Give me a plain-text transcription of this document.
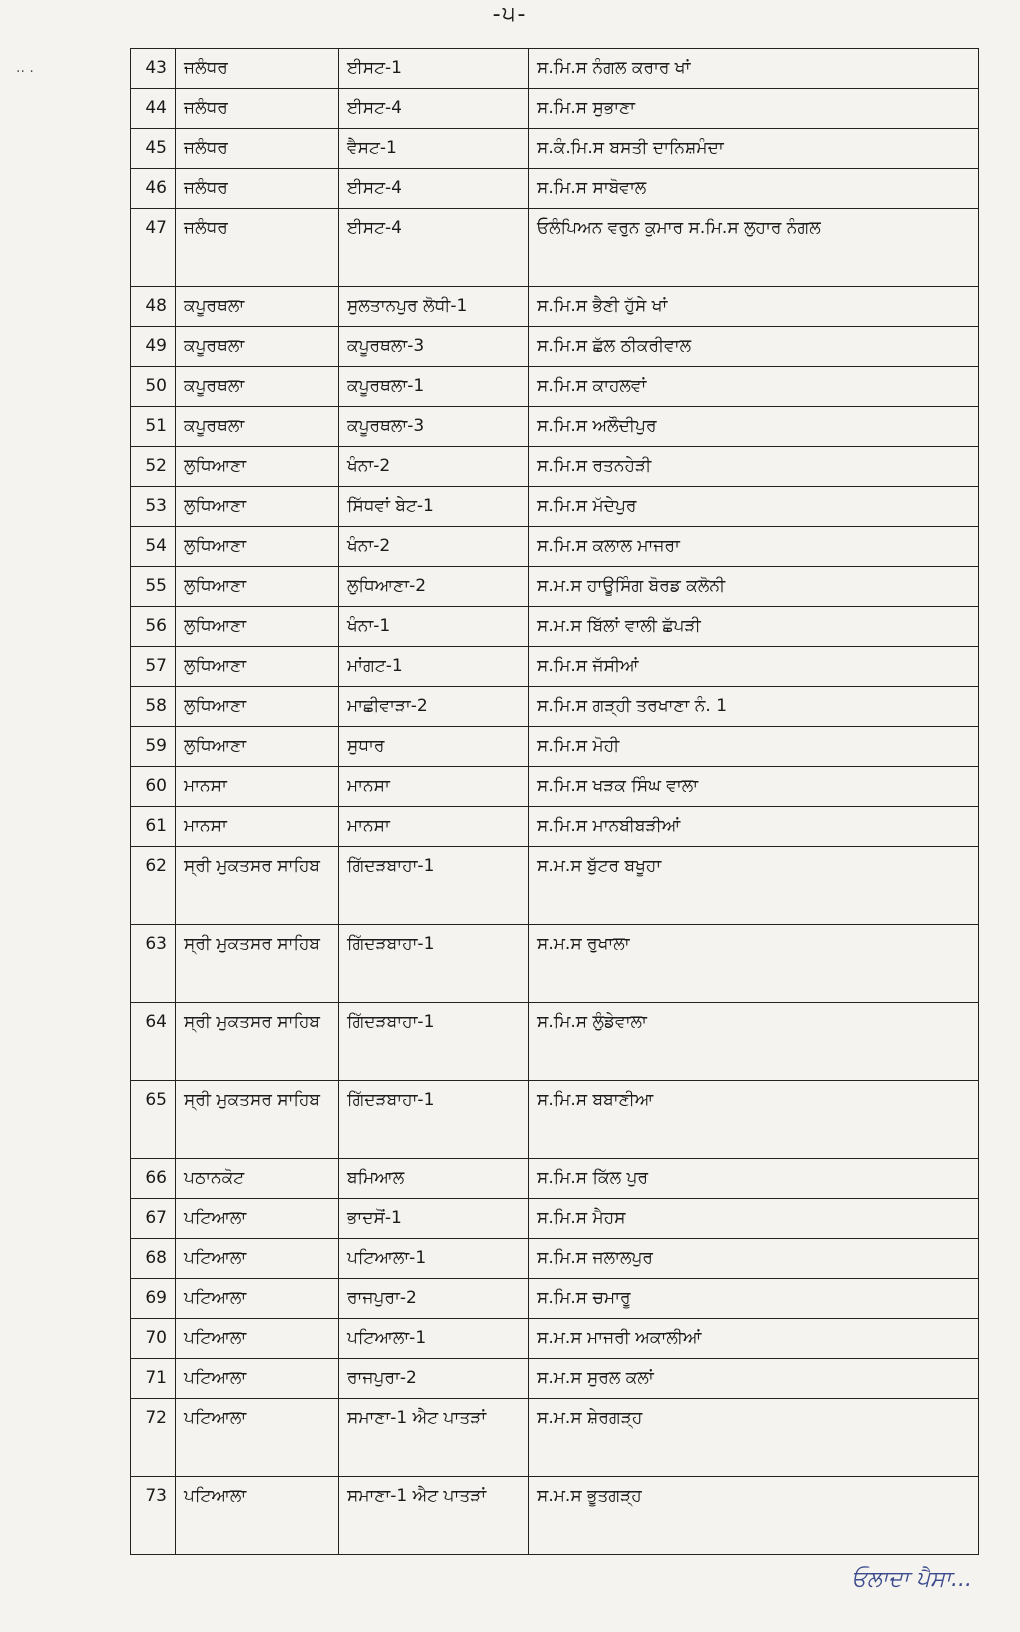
-੫-
·· ·	43	ਜਲੰਧਰ	ਈਸਟ-1	ਸ.ਮਿ.ਸ ਨੰਗਲ ਕਰਾਰ ਖਾਂ
44	ਜਲੰਧਰ	ਈਸਟ-4	ਸ.ਮਿ.ਸ ਸੁਭਾਣਾ
45	ਜਲੰਧਰ	ਵੈਸਟ-1	ਸ.ਕੰ.ਮਿ.ਸ ਬਸਤੀ ਦਾਨਿਸ਼ਮੰਦਾ
46	ਜਲੰਧਰ	ਈਸਟ-4	ਸ.ਮਿ.ਸ ਸਾਬੋਵਾਲ
47	ਜਲੰਧਰ	ਈਸਟ-4	ਓਲੰਪਿਅਨ ਵਰੁਨ ਕੁਮਾਰ ਸ.ਮਿ.ਸ ਲੁਹਾਰ ਨੰਗਲ
48	ਕਪੂਰਥਲਾ	ਸੁਲਤਾਨਪੁਰ ਲੋਧੀ-1	ਸ.ਮਿ.ਸ ਭੈਣੀ ਹੁੱਸੇ ਖਾਂ
49	ਕਪੂਰਥਲਾ	ਕਪੂਰਥਲਾ-3	ਸ.ਮਿ.ਸ ਛੱਲ ਠੀਕਰੀਵਾਲ
50	ਕਪੂਰਥਲਾ	ਕਪੂਰਥਲਾ-1	ਸ.ਮਿ.ਸ ਕਾਹਲਵਾਂ
51	ਕਪੂਰਥਲਾ	ਕਪੂਰਥਲਾ-3	ਸ.ਮਿ.ਸ ਅਲੌਦੀਪੁਰ
52	ਲੁਧਿਆਣਾ	ਖੰਨਾ-2	ਸ.ਮਿ.ਸ ਰਤਨਹੇੜੀ
53	ਲੁਧਿਆਣਾ	ਸਿੱਧਵਾਂ ਬੇਟ-1	ਸ.ਮਿ.ਸ ਮੱਦੇਪੁਰ
54	ਲੁਧਿਆਣਾ	ਖੰਨਾ-2	ਸ.ਮਿ.ਸ ਕਲਾਲ ਮਾਜਰਾ
55	ਲੁਧਿਆਣਾ	ਲੁਧਿਆਣਾ-2	ਸ.ਮ.ਸ ਹਾਊਸਿੰਗ ਬੋਰਡ ਕਲੋਨੀ
56	ਲੁਧਿਆਣਾ	ਖੰਨਾ-1	ਸ.ਮ.ਸ ਬਿੱਲਾਂ ਵਾਲੀ ਛੱਪੜੀ
57	ਲੁਧਿਆਣਾ	ਮਾਂਗਟ-1	ਸ.ਮਿ.ਸ ਜੱਸੀਆਂ
58	ਲੁਧਿਆਣਾ	ਮਾਛੀਵਾੜਾ-2	ਸ.ਮਿ.ਸ ਗੜ੍ਹੀ ਤਰਖਾਣਾ ਨੰ. 1
59	ਲੁਧਿਆਣਾ	ਸੁਧਾਰ	ਸ.ਮਿ.ਸ ਮੋਹੀ
60	ਮਾਨਸਾ	ਮਾਨਸਾ	ਸ.ਮਿ.ਸ ਖੜਕ ਸਿੰਘ ਵਾਲਾ
61	ਮਾਨਸਾ	ਮਾਨਸਾ	ਸ.ਮਿ.ਸ ਮਾਨਬੀਬੜੀਆਂ
62	ਸ੍ਰੀ ਮੁਕਤਸਰ ਸਾਹਿਬ	ਗਿੱਦੜਬਾਹਾ-1	ਸ.ਮ.ਸ ਬੁੱਟਰ ਬਖੂਹਾ
63	ਸ੍ਰੀ ਮੁਕਤਸਰ ਸਾਹਿਬ	ਗਿੱਦੜਬਾਹਾ-1	ਸ.ਮ.ਸ ਰੁਖਾਲਾ
64	ਸ੍ਰੀ ਮੁਕਤਸਰ ਸਾਹਿਬ	ਗਿੱਦੜਬਾਹਾ-1	ਸ.ਮਿ.ਸ ਲੁੰਡੇਵਾਲਾ
65	ਸ੍ਰੀ ਮੁਕਤਸਰ ਸਾਹਿਬ	ਗਿੱਦੜਬਾਹਾ-1	ਸ.ਮਿ.ਸ ਬਬਾਣੀਆ
66	ਪਠਾਨਕੋਟ	ਬਮਿਆਲ	ਸ.ਮਿ.ਸ ਕਿੱਲ ਪੁਰ
67	ਪਟਿਆਲਾ	ਭਾਦਸੋਂ-1	ਸ.ਮਿ.ਸ ਮੈਹਸ
68	ਪਟਿਆਲਾ	ਪਟਿਆਲਾ-1	ਸ.ਮਿ.ਸ ਜਲਾਲਪੁਰ
69	ਪਟਿਆਲਾ	ਰਾਜਪੁਰਾ-2	ਸ.ਮਿ.ਸ ਚਮਾਰੂ
70	ਪਟਿਆਲਾ	ਪਟਿਆਲਾ-1	ਸ.ਮ.ਸ ਮਾਜਰੀ ਅਕਾਲੀਆਂ
71	ਪਟਿਆਲਾ	ਰਾਜਪੁਰਾ-2	ਸ.ਮ.ਸ ਸੁਰਲ ਕਲਾਂ
72	ਪਟਿਆਲਾ	ਸਮਾਣਾ-1 ਐਟ ਪਾਤੜਾਂ	ਸ.ਮ.ਸ ਸ਼ੇਰਗੜ੍ਹ
73	ਪਟਿਆਲਾ	ਸਮਾਣਾ-1 ਐਟ ਪਾਤੜਾਂ	ਸ.ਮ.ਸ ਭੂਤਗੜ੍ਹ
ਓਲਾਦਾ ਪੈਸਾ...
